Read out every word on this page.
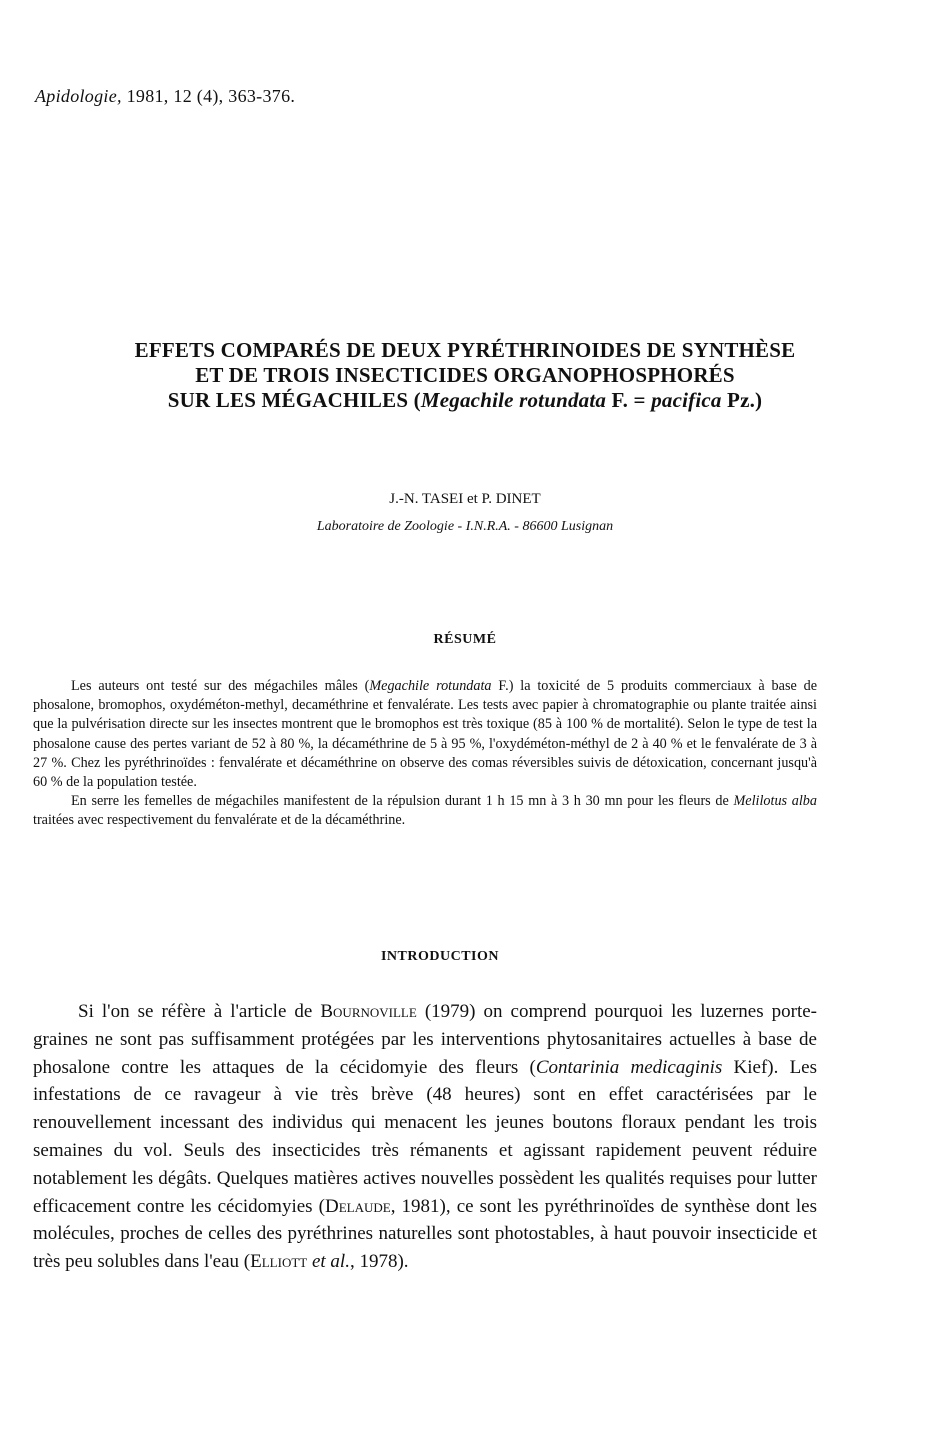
Apidologie, 1981, 12 (4), 363-376.
EFFETS COMPARÉS DE DEUX PYRÉTHRINOIDES DE SYNTHÈSE
ET DE TROIS INSECTICIDES ORGANOPHOSPHORÉS
SUR LES MÉGACHILES (Megachile rotundata F. = pacifica Pz.)
J.-N. TASEI et P. DINET
Laboratoire de Zoologie - I.N.R.A. - 86600 Lusignan
RÉSUMÉ

Les auteurs ont testé sur des mégachiles mâles (Megachile rotundata F.) la toxicité de 5 produits commerciaux à base de phosalone, bromophos, oxydéméton-methyl, decaméthrine et fenvalérate. Les tests avec papier à chromatographie ou plante traitée ainsi que la pulvérisation directe sur les insectes montrent que le bromophos est très toxique (85 à 100 % de mortalité). Selon le type de test la phosalone cause des pertes variant de 52 à 80 %, la décaméthrine de 5 à 95 %, l'oxydéméton-méthyl de 2 à 40 % et le fenvalérate de 3 à 27 %. Chez les pyréthrinoïdes : fenvalérate et décaméthrine on observe des comas réversibles suivis de détoxication, concernant jusqu'à 60 % de la population testée.

En serre les femelles de mégachiles manifestent de la répulsion durant 1 h 15 mn à 3 h 30 mn pour les fleurs de Melilotus alba traitées avec respectivement du fenvalérate et de la décaméthrine.

INTRODUCTION

Si l'on se réfère à l'article de Bournoville (1979) on comprend pourquoi les luzernes porte-graines ne sont pas suffisamment protégées par les interventions phytosanitaires actuelles à base de phosalone contre les attaques de la cécidomyie des fleurs (Contarinia medicaginis Kief). Les infestations de ce ravageur à vie très brève (48 heures) sont en effet caractérisées par le renouvellement incessant des individus qui menacent les jeunes boutons floraux pendant les trois semaines du vol. Seuls des insecticides très rémanents et agissant rapidement peuvent réduire notablement les dégâts. Quelques matières actives nouvelles possèdent les qualités requises pour lutter efficacement contre les cécidomyies (Delaude, 1981), ce sont les pyréthrinoïdes de synthèse dont les molécules, proches de celles des pyréthrines naturelles sont photostables, à haut pouvoir insecticide et très peu solubles dans l'eau (Elliott et al., 1978).
